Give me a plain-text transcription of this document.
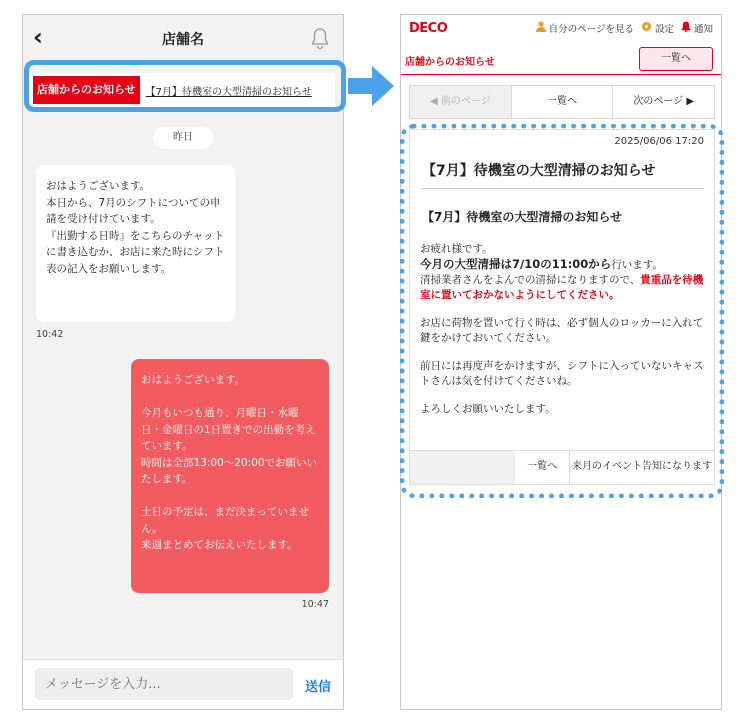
‹	店舗名
店舗からのお知らせ	【7月】待機室の大型清掃のお知らせ
昨日
おはようございます。
本日から、7月のシフトについての申請を受け付けています。
『出勤する日時』をこちらのチャットに書き込むか、お店に来た時にシフト表の記入をお願いします。
10:42
おはようございます。

今月もいつも通り、月曜日・水曜日・金曜日の1日置きでの出勤を考えています。
時間は全部13:00〜20:00でお願いいたします。

土日の予定は、まだ決まっていません。
来週まとめてお伝えいたします。
10:47
メッセージを入力...
送信
DECO	自分のページを見る 設定 通知
店舗からのお知らせ	一覧へ
◀ 前のページ	一覧へ	次のページ ▶
2025/06/06 17:20
【7月】待機室の大型清掃のお知らせ
【7月】待機室の大型清掃のお知らせ

お疲れ様です。
今月の大型清掃は7/10の11:00から行います。
清掃業者さんをよんでの清掃になりますので、貴重品を待機室に置いておかないようにしてください。

お店に荷物を置いて行く時は、必ず個人のロッカーに入れて鍵をかけておいてください。

前日には再度声をかけますが、シフトに入っていないキャストさんは気を付けてくださいね。

よろしくお願いいたします。

一覧へ	来月のイベント告知になります
